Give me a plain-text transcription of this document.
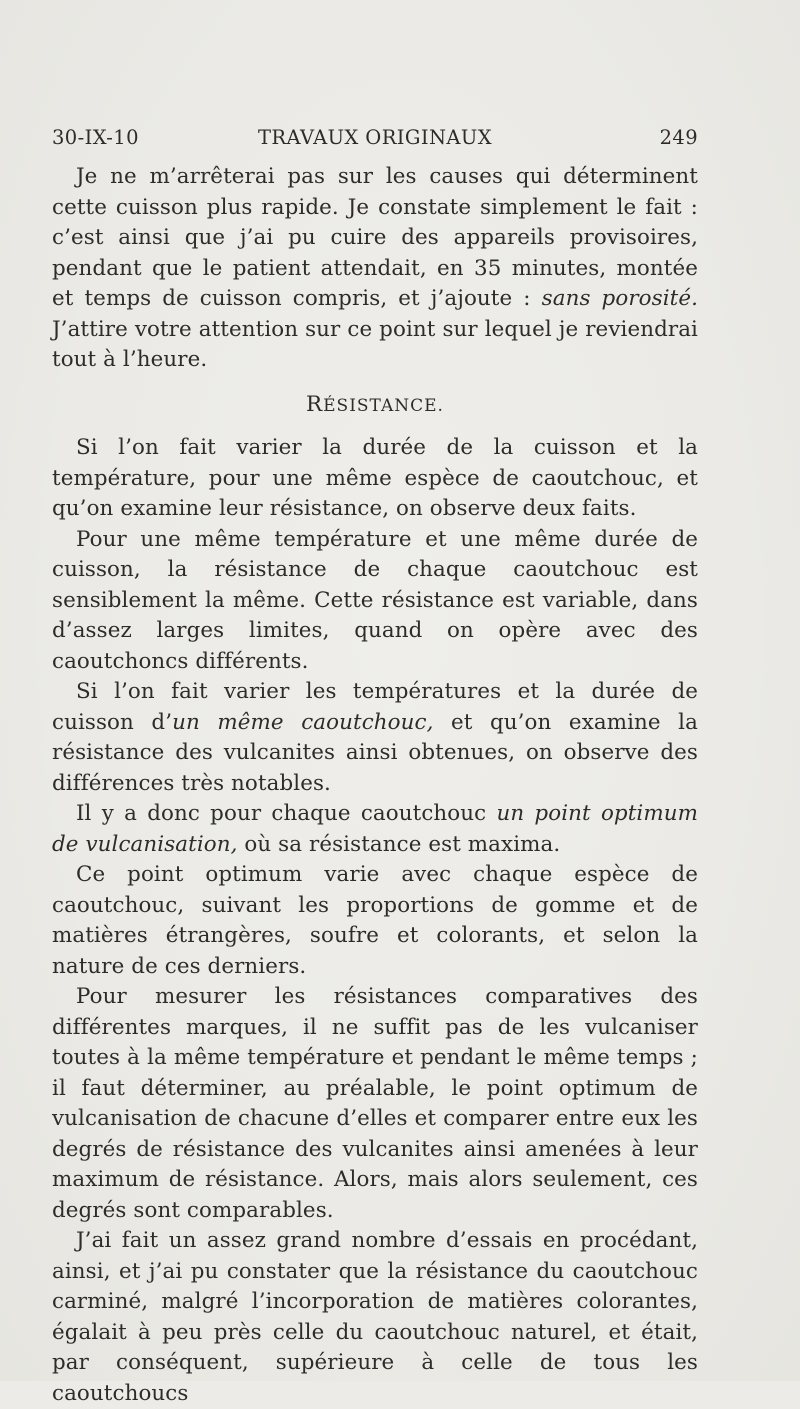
30-IX-10	TRAVAUX ORIGINAUX	249

Je ne m’arrêterai pas sur les causes qui déterminent cette cuisson plus rapide. Je constate simplement le fait : c’est ainsi que j’ai pu cuire des appareils provisoires, pendant que le patient attendait, en 35 minutes, montée et temps de cuisson compris, et j’ajoute : sans porosité. J’attire votre attention sur ce point sur lequel je reviendrai tout à l’heure.

RÉSISTANCE.

Si l’on fait varier la durée de la cuisson et la température, pour une même espèce de caoutchouc, et qu’on examine leur résistance, on observe deux faits.

Pour une même température et une même durée de cuisson, la résistance de chaque caoutchouc est sensiblement la même. Cette résistance est variable, dans d’assez larges limites, quand on opère avec des caoutchoncs différents.

Si l’on fait varier les températures et la durée de cuisson d’un même caoutchouc, et qu’on examine la résistance des vulcanites ainsi obtenues, on observe des différences très notables.

Il y a donc pour chaque caoutchouc un point optimum de vulcanisation, où sa résistance est maxima.

Ce point optimum varie avec chaque espèce de caoutchouc, suivant les proportions de gomme et de matières étrangères, soufre et colorants, et selon la nature de ces derniers.

Pour mesurer les résistances comparatives des différentes marques, il ne suffit pas de les vulcaniser toutes à la même température et pendant le même temps ; il faut déterminer, au préalable, le point optimum de vulcanisation de chacune d’elles et comparer entre eux les degrés de résistance des vulcanites ainsi amenées à leur maximum de résistance. Alors, mais alors seulement, ces degrés sont comparables.

J’ai fait un assez grand nombre d’essais en procédant, ainsi, et j’ai pu constater que la résistance du caoutchouc carminé, malgré l’incorporation de matières colorantes, égalait à peu près celle du caoutchouc naturel, et était, par conséquent, supérieure à celle de tous les caoutchoucs
